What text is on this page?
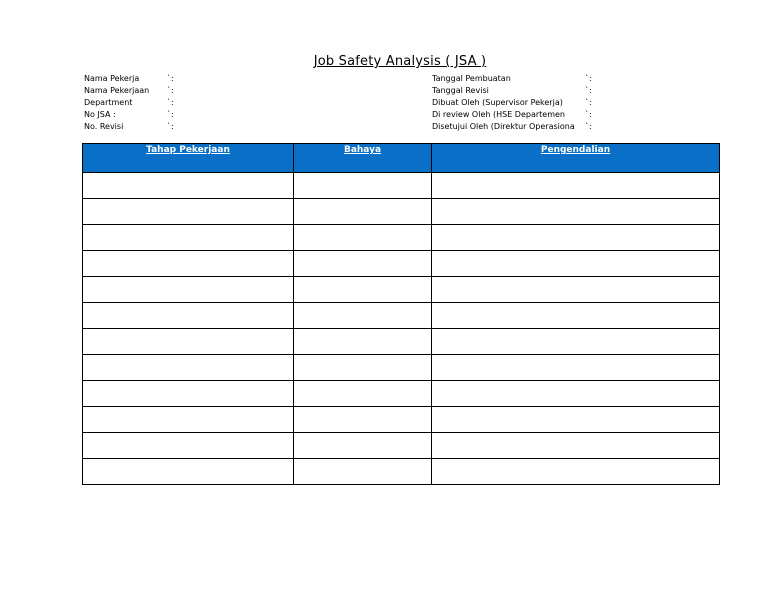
Job Safety Analysis ( JSA )
Nama Pekerja	`:
Nama Pekerjaan `:
Department	`:
No JSA :	`:
No. Revisi	`:
Tanggal Pembuatan	`:
Tanggal Revisi	`:
Dibuat Oleh (Supervisor Pekerja)	`:
Di review Oleh (HSE Departemen	`:
Disetujui Oleh (Direktur Operasiona `:
Tahap Pekerjaan	Bahaya	Pengendalian
